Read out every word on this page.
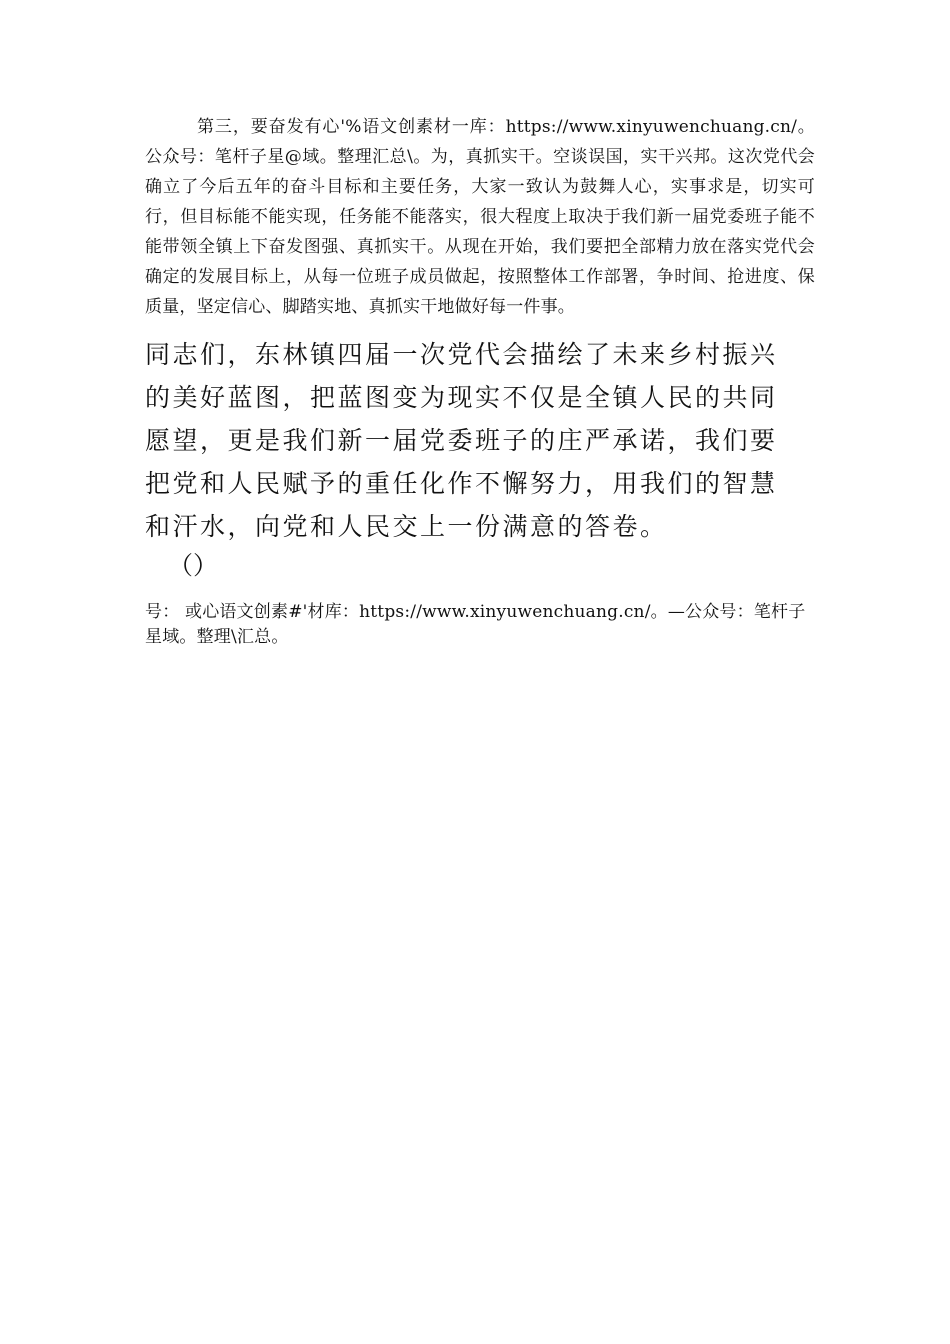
第三，要奋发有心'%语文创素材一库：https://www.xinyuwenchuang.cn/。公众号：笔杆子星@域。整理汇总\。为，真抓实干。空谈误国，实干兴邦。这次党代会确立了今后五年的奋斗目标和主要任务，大家一致认为鼓舞人心，实事求是，切实可行，但目标能不能实现，任务能不能落实，很大程度上取决于我们新一届党委班子能不能带领全镇上下奋发图强、真抓实干。从现在开始，我们要把全部精力放在落实党代会确定的发展目标上，从每一位班子成员做起，按照整体工作部署，争时间、抢进度、保质量，坚定信心、脚踏实地、真抓实干地做好每一件事。

同志们，东林镇四届一次党代会描绘了未来乡村振兴的美好蓝图，把蓝图变为现实不仅是全镇人民的共同愿望，更是我们新一届党委班子的庄严承诺，我们要把党和人民赋予的重任化作不懈努力，用我们的智慧和汗水，向党和人民交上一份满意的答卷。

（）

号： 或心语文创素#'材库：https://www.xinyuwenchuang.cn/。—公众号：笔杆子星域。整理\汇总。
